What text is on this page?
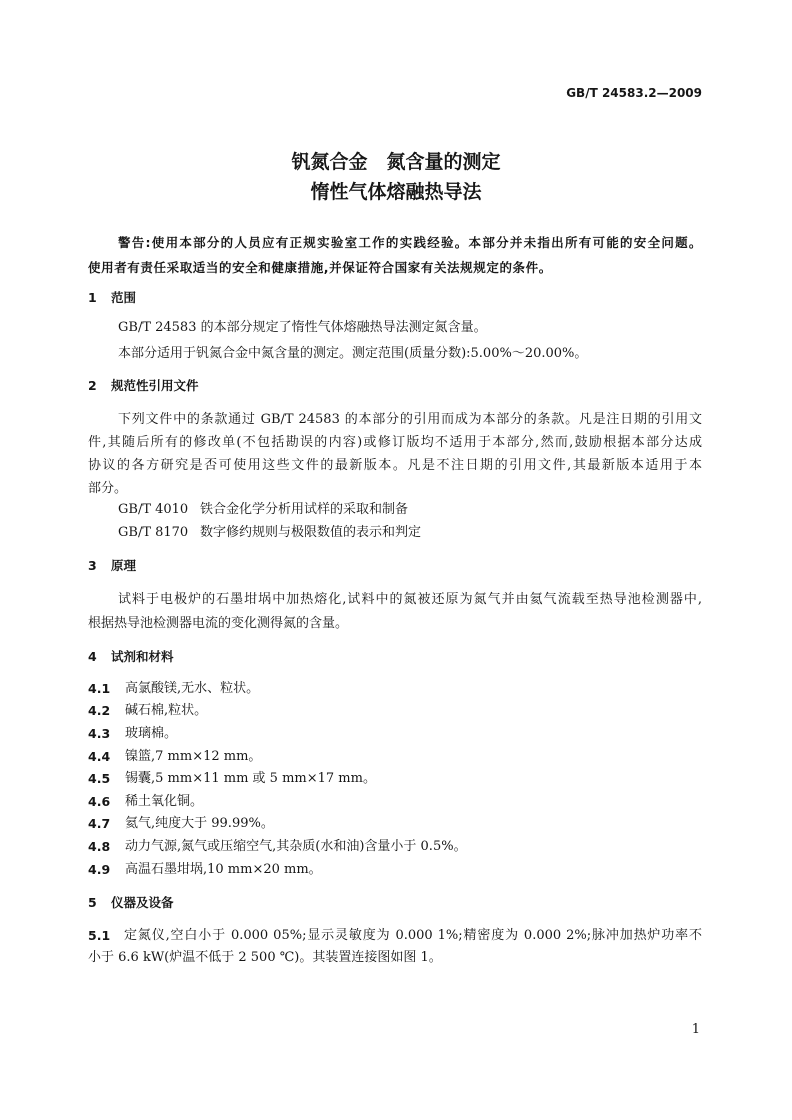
GB/T 24583.2—2009
钒氮合金　氮含量的测定
惰性气体熔融热导法
警告:使用本部分的人员应有正规实验室工作的实践经验。本部分并未指出所有可能的安全问题。
使用者有责任采取适当的安全和健康措施,并保证符合国家有关法规规定的条件。
1 范围
GB/T 24583 的本部分规定了惰性气体熔融热导法测定氮含量。
本部分适用于钒氮合金中氮含量的测定。测定范围(质量分数):5.00%～20.00%。
2 规范性引用文件
下列文件中的条款通过 GB/T 24583 的本部分的引用而成为本部分的条款。凡是注日期的引用文
件,其随后所有的修改单(不包括勘误的内容)或修订版均不适用于本部分,然而,鼓励根据本部分达成
协议的各方研究是否可使用这些文件的最新版本。凡是不注日期的引用文件,其最新版本适用于本
部分。
GB/T 4010 铁合金化学分析用试样的采取和制备
GB/T 8170 数字修约规则与极限数值的表示和判定
3 原理
试料于电极炉的石墨坩埚中加热熔化,试料中的氮被还原为氮气并由氦气流载至热导池检测器中,
根据热导池检测器电流的变化测得氮的含量。
4 试剂和材料
4.1 高氯酸镁,无水、粒状。
4.2 碱石棉,粒状。
4.3 玻璃棉。
4.4 镍篮,7 mm×12 mm。
4.5 锡囊,5 mm×11 mm 或 5 mm×17 mm。
4.6 稀土氧化铜。
4.7 氦气,纯度大于 99.99%。
4.8 动力气源,氮气或压缩空气,其杂质(水和油)含量小于 0.5%。
4.9 高温石墨坩埚,10 mm×20 mm。
5 仪器及设备
5.1 定氮仪,空白小于 0.000 05%;显示灵敏度为 0.000 1%;精密度为 0.000 2%;脉冲加热炉功率不
小于 6.6 kW(炉温不低于 2 500 ℃)。其装置连接图如图 1。
1
